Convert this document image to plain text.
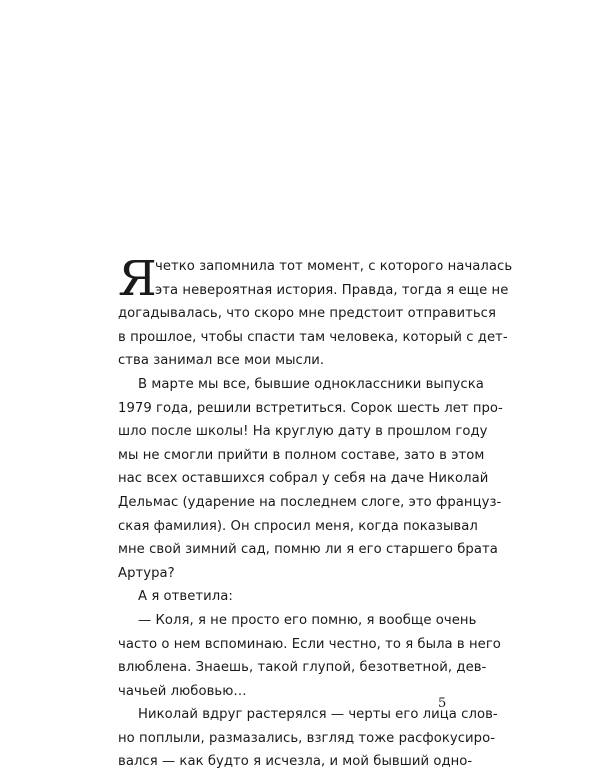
Я
четко запомнила тот момент, с которого началась
эта невероятная история. Правда, тогда я еще не
догадывалась, что скоро мне предстоит отправиться
в прошлое, чтобы спасти там человека, который с дет-
ства занимал все мои мысли.
В марте мы все, бывшие одноклассники выпуска
1979 года, решили встретиться. Сорок шесть лет про-
шло после школы! На круглую дату в прошлом году
мы не смогли прийти в полном составе, зато в этом
нас всех оставшихся собрал у себя на даче Николай
Дельмас (ударение на последнем слоге, это француз-
ская фамилия). Он спросил меня, когда показывал
мне свой зимний сад, помню ли я его старшего брата
Артура?
А я ответила:
— Коля, я не просто его помню, я вообще очень
часто о нем вспоминаю. Если честно, то я была в него
влюблена. Знаешь, такой глупой, безответной, дев-
чачьей любовью…
Николай вдруг растерялся — черты его лица слов-
но поплыли, размазались, взгляд тоже расфокусиро-
вался — как будто я исчезла, и мой бывший одно-
5
